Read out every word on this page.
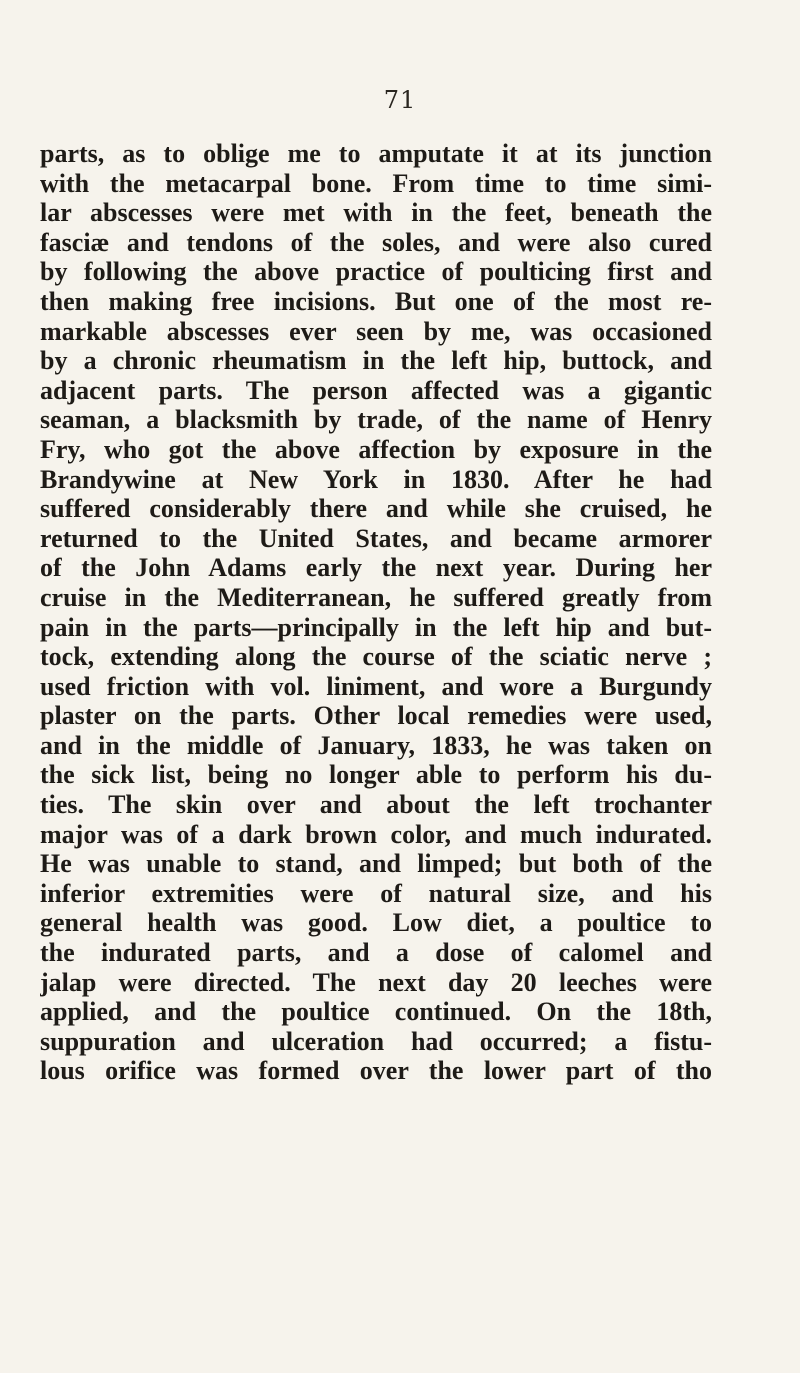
71
parts, as to oblige me to amputate it at its junction
with the metacarpal bone. From time to time simi-
lar abscesses were met with in the feet, beneath the
fasciæ and tendons of the soles, and were also cured
by following the above practice of poulticing first and
then making free incisions. But one of the most re-
markable abscesses ever seen by me, was occasioned
by a chronic rheumatism in the left hip, buttock, and
adjacent parts. The person affected was a gigantic
seaman, a blacksmith by trade, of the name of Henry
Fry, who got the above affection by exposure in the
Brandywine at New York in 1830. After he had
suffered considerably there and while she cruised, he
returned to the United States, and became armorer
of the John Adams early the next year. During her
cruise in the Mediterranean, he suffered greatly from
pain in the parts—principally in the left hip and but-
tock, extending along the course of the sciatic nerve ;
used friction with vol. liniment, and wore a Burgundy
plaster on the parts. Other local remedies were used,
and in the middle of January, 1833, he was taken on
the sick list, being no longer able to perform his du-
ties. The skin over and about the left trochanter
major was of a dark brown color, and much indurated.
He was unable to stand, and limped; but both of the
inferior extremities were of natural size, and his
general health was good. Low diet, a poultice to
the indurated parts, and a dose of calomel and
jalap were directed. The next day 20 leeches were
applied, and the poultice continued. On the 18th,
suppuration and ulceration had occurred; a fistu-
lous orifice was formed over the lower part of tho
